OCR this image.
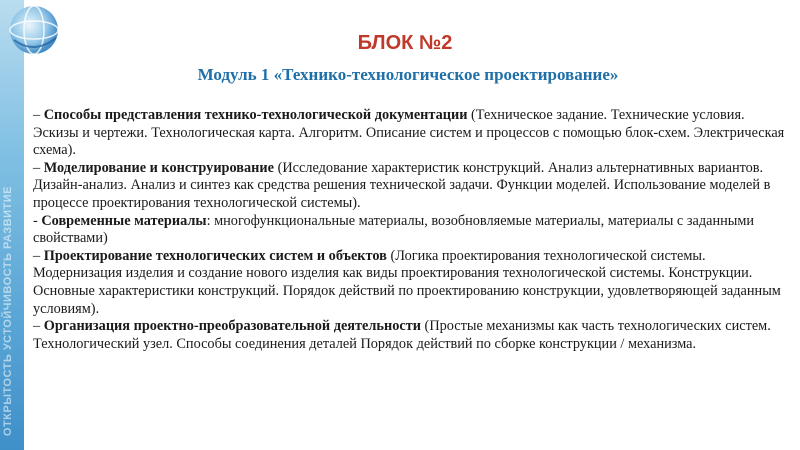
ОТКРЫТОСТЬ УСТОЙЧИВОСТЬ РАЗВИТИЕ
БЛОК №2
Модуль 1 «Технико-технологическое проектирование»

– Способы представления технико-технологической документации (Техническое задание. Технические условия. Эскизы и чертежи. Технологическая карта. Алгоритм. Описание систем и процессов с помощью блок-схем. Электрическая схема).

– Моделирование и конструирование (Исследование характеристик конструкций. Анализ альтернативных вариантов. Дизайн-анализ. Анализ и синтез как средства решения технической задачи. Функции моделей. Использование моделей в процессе проектирования технологической системы).

- Современные материалы: многофункциональные материалы, возобновляемые материалы, материалы с заданными свойствами)

– Проектирование технологических систем и объектов (Логика проектирования технологической системы. Модернизация изделия и создание нового изделия как виды проектирования технологической системы. Конструкции. Основные характеристики конструкций. Порядок действий по проектированию конструкции, удовлетворяющей заданным условиям).

– Организация проектно-преобразовательной деятельности (Простые механизмы как часть технологических систем. Технологический узел. Способы соединения деталей Порядок действий по сборке конструкции / механизма.
